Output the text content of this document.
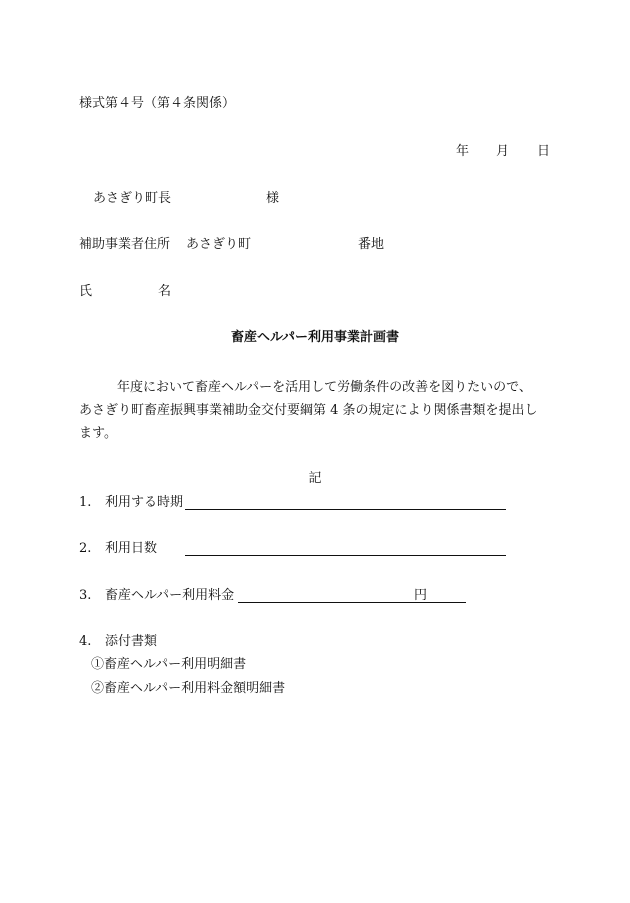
様式第４号（第４条関係）
年 月 日
あさぎり町長	様
補助事業者住所 あさぎり町	番地
氏	名
畜産ヘルパー利用事業計画書
年度において畜産ヘルパーを活用して労働条件の改善を図りたいので、
あさぎり町畜産振興事業補助金交付要綱第 4 条の規定により関係書類を提出し
ます。
記
1. 利用する時期
2. 利用日数
3. 畜産ヘルパー利用料金	円
4. 添付書類
①畜産ヘルパー利用明細書
②畜産ヘルパー利用料金額明細書
